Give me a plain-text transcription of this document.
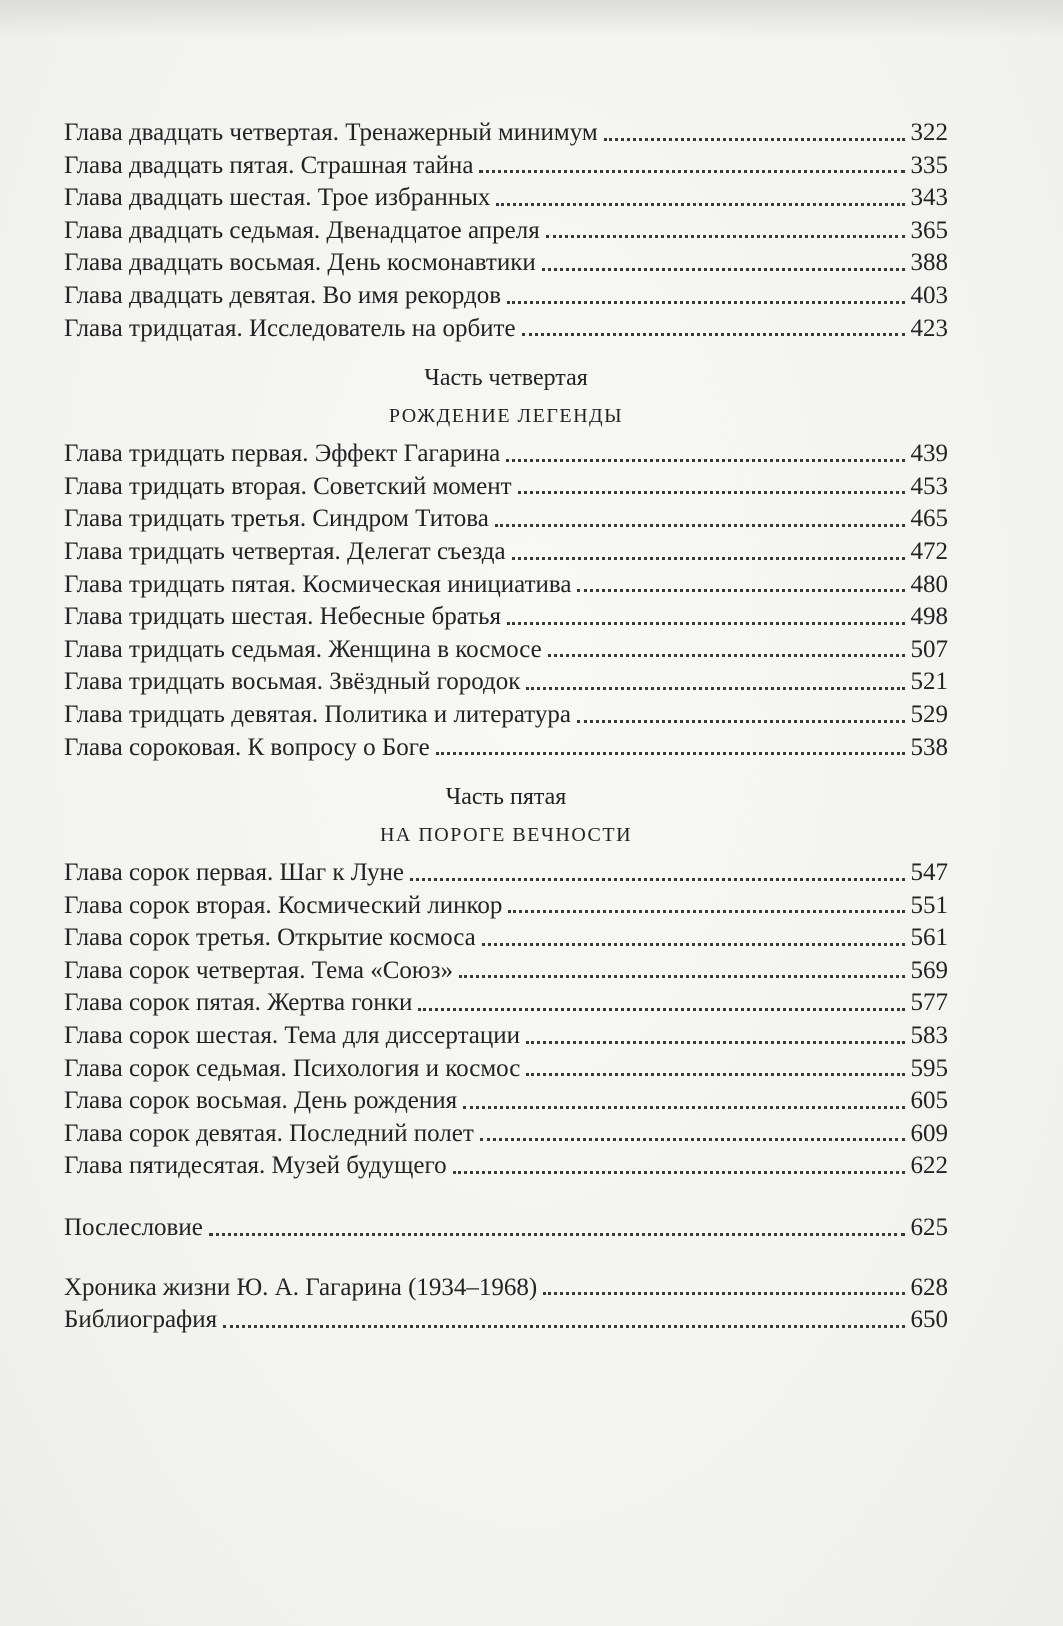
Глава двадцать четвертая. Тренажерный минимум	322
Глава двадцать пятая. Страшная тайна	335
Глава двадцать шестая. Трое избранных	343
Глава двадцать седьмая. Двенадцатое апреля	365
Глава двадцать восьмая. День космонавтики	388
Глава двадцать девятая. Во имя рекордов	403
Глава тридцатая. Исследователь на орбите	423
Часть четвертая
РОЖДЕНИЕ ЛЕГЕНДЫ
Глава тридцать первая. Эффект Гагарина	439
Глава тридцать вторая. Советский момент	453
Глава тридцать третья. Синдром Титова	465
Глава тридцать четвертая. Делегат съезда	472
Глава тридцать пятая. Космическая инициатива	480
Глава тридцать шестая. Небесные братья	498
Глава тридцать седьмая. Женщина в космосе	507
Глава тридцать восьмая. Звёздный городок	521
Глава тридцать девятая. Политика и литература	529
Глава сороковая. К вопросу о Боге	538
Часть пятая
НА ПОРОГЕ ВЕЧНОСТИ
Глава сорок первая. Шаг к Луне	547
Глава сорок вторая. Космический линкор	551
Глава сорок третья. Открытие космоса	561
Глава сорок четвертая. Тема «Союз»	569
Глава сорок пятая. Жертва гонки	577
Глава сорок шестая. Тема для диссертации	583
Глава сорок седьмая. Психология и космос	595
Глава сорок восьмая. День рождения	605
Глава сорок девятая. Последний полет	609
Глава пятидесятая. Музей будущего	622
Послесловие	625
Хроника жизни Ю. А. Гагарина (1934–1968)	628
Библиография	650
